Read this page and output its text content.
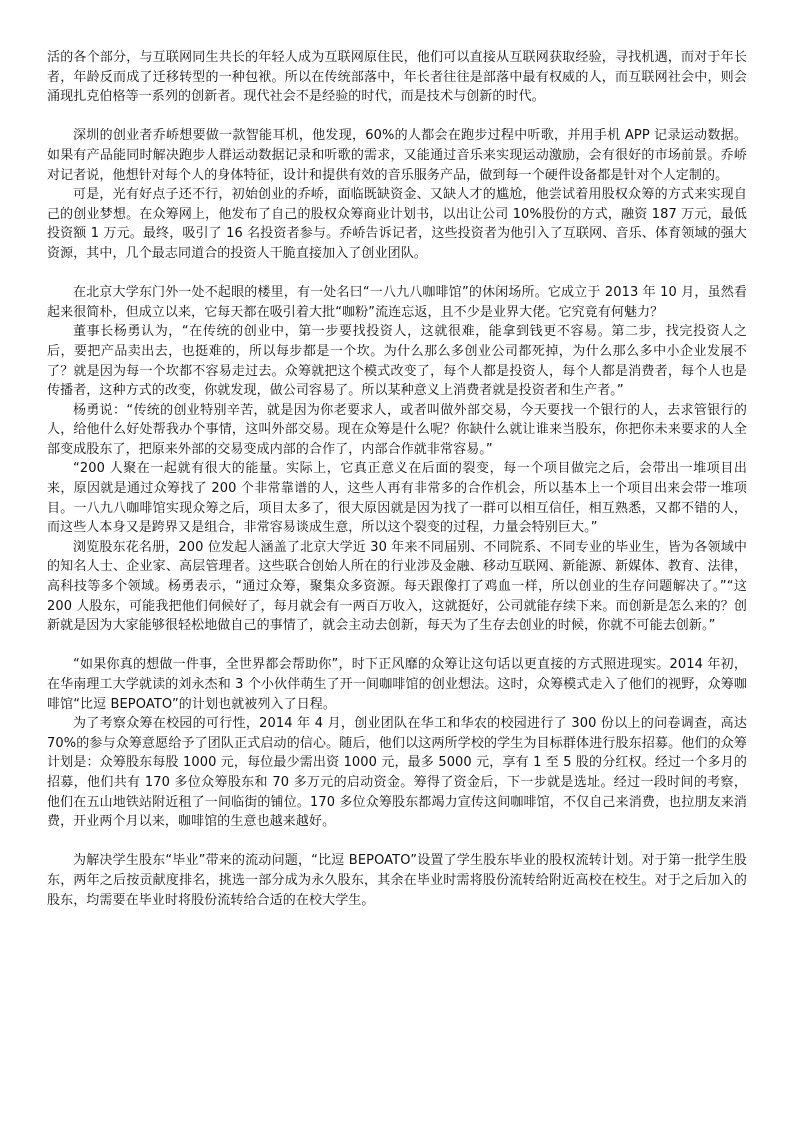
活的各个部分，与互联网同生共长的年轻人成为互联网原住民，他们可以直接从互联网获取经验，寻找机遇，而对于年长者，年龄反而成了迁移转型的一种包袱。所以在传统部落中，年长者往往是部落中最有权威的人，而互联网社会中，则会涌现扎克伯格等一系列的创新者。现代社会不是经验的时代，而是技术与创新的时代。

深圳的创业者乔峤想要做一款智能耳机，他发现，60%的人都会在跑步过程中听歌，并用手机 APP 记录运动数据。如果有产品能同时解决跑步人群运动数据记录和听歌的需求，又能通过音乐来实现运动激励，会有很好的市场前景。乔峤对记者说，他想针对每个人的身体特征，设计和提供有效的音乐服务产品，做到每一个硬件设备都是针对个人定制的。

可是，光有好点子还不行，初始创业的乔峤，面临既缺资金、又缺人才的尴尬，他尝试着用股权众筹的方式来实现自己的创业梦想。在众筹网上，他发布了自己的股权众筹商业计划书，以出让公司 10%股份的方式，融资 187 万元，最低投资额 1 万元。最终，吸引了 16 名投资者参与。乔峤告诉记者，这些投资者为他引入了互联网、音乐、体育领域的强大资源，其中，几个最志同道合的投资人干脆直接加入了创业团队。

在北京大学东门外一处不起眼的楼里，有一处名曰“一八九八咖啡馆”的休闲场所。它成立于 2013 年 10 月，虽然看起来很简朴，但成立以来，它每天都在吸引着大批“咖粉”流连忘返，且不少是业界大佬。它究竟有何魅力？

董事长杨勇认为，“在传统的创业中，第一步要找投资人，这就很难，能拿到钱更不容易。第二步，找完投资人之后，要把产品卖出去，也挺难的，所以每步都是一个坎。为什么那么多创业公司都死掉，为什么那么多中小企业发展不了？就是因为每一个坎都不容易走过去。众筹就把这个模式改变了，每个人都是投资人，每个人都是消费者，每个人也是传播者，这种方式的改变，你就发现，做公司容易了。所以某种意义上消费者就是投资者和生产者。”

杨勇说：“传统的创业特别辛苦，就是因为你老要求人，或者叫做外部交易，今天要找一个银行的人，去求管银行的人，给他什么好处帮我办个事情，这叫外部交易。现在众筹是什么呢？你缺什么就让谁来当股东，你把你未来要求的人全部变成股东了，把原来外部的交易变成内部的合作了，内部合作就非常容易。”

“200 人聚在一起就有很大的能量。实际上，它真正意义在后面的裂变，每一个项目做完之后，会带出一堆项目出来，原因就是通过众筹找了 200 个非常靠谱的人，这些人再有非常多的合作机会，所以基本上一个项目出来会带一堆项目。一八九八咖啡馆实现众筹之后，项目太多了，很大原因就是因为找了一群可以相互信任，相互熟悉，又都不错的人，而这些人本身又是跨界又是组合，非常容易谈成生意，所以这个裂变的过程，力量会特别巨大。”

浏览股东花名册，200 位发起人涵盖了北京大学近 30 年来不同届别、不同院系、不同专业的毕业生，皆为各领域中的知名人士、企业家、高层管理者。这些联合创始人所在的行业涉及金融、移动互联网、新能源、新媒体、教育、法律，高科技等多个领域。杨勇表示，“通过众筹，聚集众多资源。每天跟像打了鸡血一样，所以创业的生存问题解决了。”“这 200 人股东，可能我把他们伺候好了，每月就会有一两百万收入，这就挺好，公司就能存续下来。而创新是怎么来的？创新就是因为大家能够很轻松地做自己的事情了，就会主动去创新，每天为了生存去创业的时候，你就不可能去创新。”

“如果你真的想做一件事，全世界都会帮助你”，时下正风靡的众筹让这句话以更直接的方式照进现实。2014 年初，在华南理工大学就读的刘永杰和 3 个小伙伴萌生了开一间咖啡馆的创业想法。这时，众筹模式走入了他们的视野，众筹咖啡馆“比逗 BEPOATO”的计划也就被列入了日程。

为了考察众筹在校园的可行性，2014 年 4 月，创业团队在华工和华农的校园进行了 300 份以上的问卷调查，高达 70%的参与众筹意愿给予了团队正式启动的信心。随后，他们以这两所学校的学生为目标群体进行股东招募。他们的众筹计划是：众筹股东每股 1000 元，每位最少需出资 1000 元，最多 5000 元，享有 1 至 5 股的分红权。经过一个多月的招募，他们共有 170 多位众筹股东和 70 多万元的启动资金。筹得了资金后，下一步就是选址。经过一段时间的考察，他们在五山地铁站附近租了一间临街的铺位。170 多位众筹股东都竭力宣传这间咖啡馆，不仅自己来消费，也拉朋友来消费，开业两个月以来，咖啡馆的生意也越来越好。

为解决学生股东“毕业”带来的流动问题，“比逗 BEPOATO”设置了学生股东毕业的股权流转计划。对于第一批学生股东，两年之后按贡献度排名，挑选一部分成为永久股东，其余在毕业时需将股份流转给附近高校在校生。对于之后加入的股东，均需要在毕业时将股份流转给合适的在校大学生。
